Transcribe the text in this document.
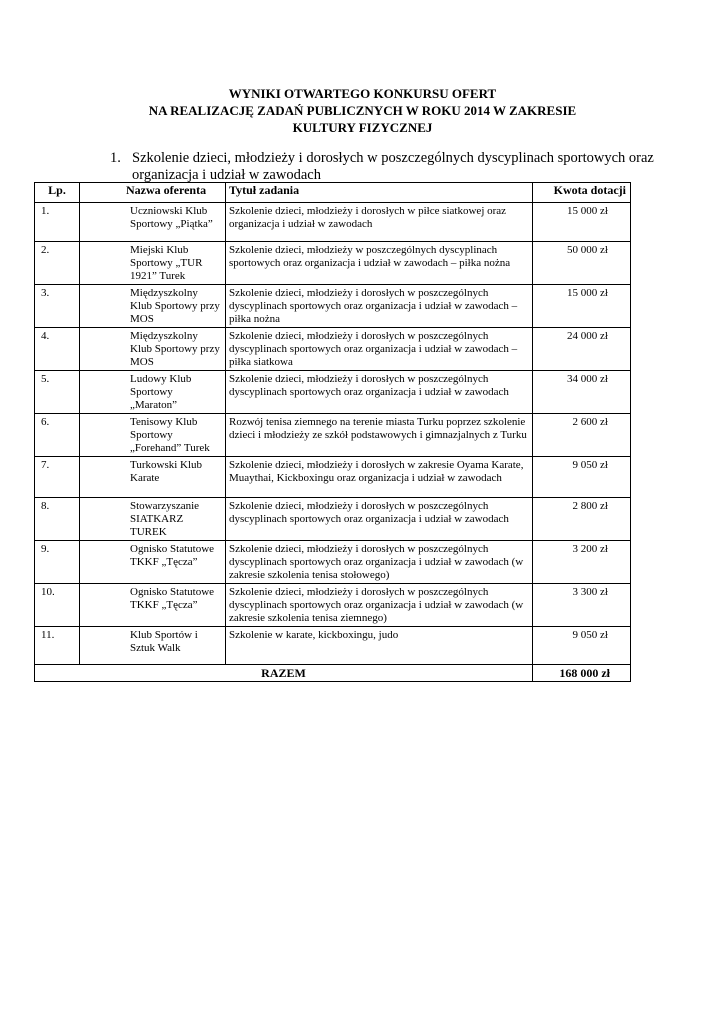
WYNIKI OTWARTEGO KONKURSU OFERT
NA REALIZACJĘ ZADAŃ PUBLICZNYCH W ROKU 2014 W ZAKRESIE
KULTURY FIZYCZNEJ
1. Szkolenie dzieci, młodzieży i dorosłych w poszczególnych dyscyplinach sportowych oraz organizacja i udział w zawodach
Lp.	Nazwa oferenta	Tytuł zadania	Kwota dotacji
1.	Uczniowski Klub Sportowy „Piątka”	Szkolenie dzieci, młodzieży i dorosłych w piłce siatkowej oraz organizacja i udział w zawodach	15 000 zł
2.	Miejski Klub Sportowy „TUR 1921” Turek	Szkolenie dzieci, młodzieży w poszczególnych dyscyplinach sportowych oraz organizacja i udział w zawodach – piłka nożna	50 000 zł
3.	Międzyszkolny Klub Sportowy przy MOS	Szkolenie dzieci, młodzieży i dorosłych w poszczególnych dyscyplinach sportowych oraz organizacja i udział w zawodach – piłka nożna	15 000 zł
4.	Międzyszkolny Klub Sportowy przy MOS	Szkolenie dzieci, młodzieży i dorosłych w poszczególnych dyscyplinach sportowych oraz organizacja i udział w zawodach – piłka siatkowa	24 000 zł
5.	Ludowy Klub Sportowy „Maraton”	Szkolenie dzieci, młodzieży i dorosłych w poszczególnych dyscyplinach sportowych oraz organizacja i udział w zawodach	34 000 zł
6.	Tenisowy Klub Sportowy „Forehand” Turek	Rozwój tenisa ziemnego na terenie miasta Turku poprzez szkolenie dzieci i młodzieży ze szkół podstawowych i gimnazjalnych z Turku	2 600 zł
7.	Turkowski Klub Karate	Szkolenie dzieci, młodzieży i dorosłych w zakresie Oyama Karate, Muaythai, Kickboxingu oraz organizacja i udział w zawodach	9 050 zł
8.	Stowarzyszanie SIATKARZ TUREK	Szkolenie dzieci, młodzieży i dorosłych w poszczególnych dyscyplinach sportowych oraz organizacja i udział w zawodach	2 800 zł
9.	Ognisko Statutowe TKKF „Tęcza”	Szkolenie dzieci, młodzieży i dorosłych w poszczególnych dyscyplinach sportowych oraz organizacja i udział w zawodach (w zakresie szkolenia tenisa stołowego)	3 200 zł
10.	Ognisko Statutowe TKKF „Tęcza”	Szkolenie dzieci, młodzieży i dorosłych w poszczególnych dyscyplinach sportowych oraz organizacja i udział w zawodach (w zakresie szkolenia tenisa ziemnego)	3 300 zł
11.	Klub Sportów i Sztuk Walk	Szkolenie w karate, kickboxingu, judo	9 050 zł
RAZEM			168 000 zł
